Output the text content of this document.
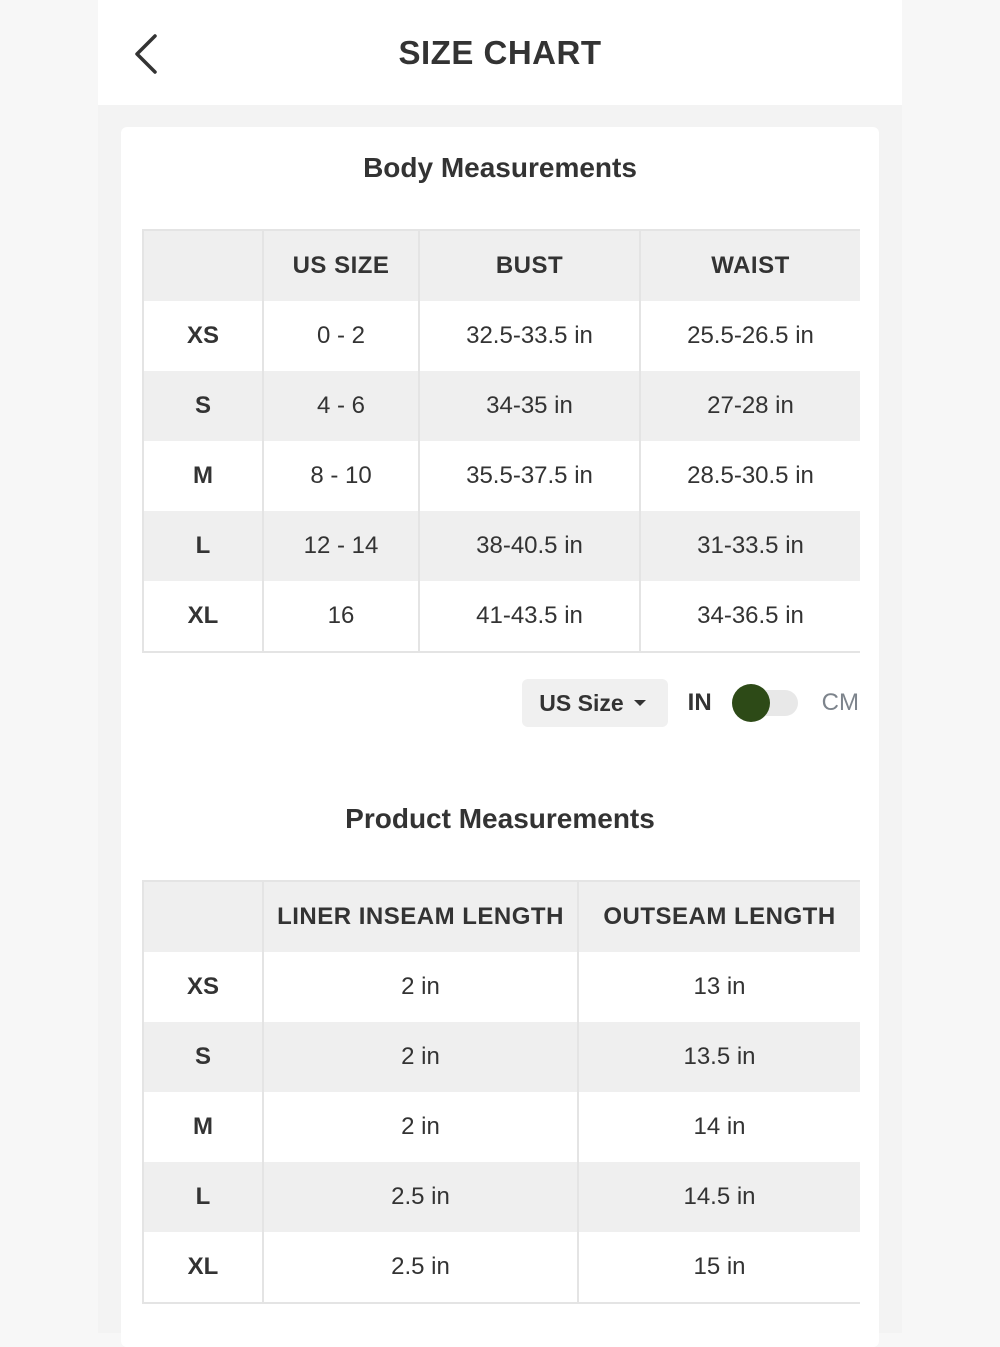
SIZE CHART
Body Measurements
	US SIZE	BUST	WAIST
XS	0 - 2	32.5-33.5 in	25.5-26.5 in
S	4 - 6	34-35 in	27-28 in
M	8 - 10	35.5-37.5 in	28.5-30.5 in
L	12 - 14	38-40.5 in	31-33.5 in
XL	16	41-43.5 in	34-36.5 in
US Size	IN	CM
Product Measurements
	LINER INSEAM LENGTH	OUTSEAM LENGTH
XS	2 in	13 in
S	2 in	13.5 in
M	2 in	14 in
L	2.5 in	14.5 in
XL	2.5 in	15 in
